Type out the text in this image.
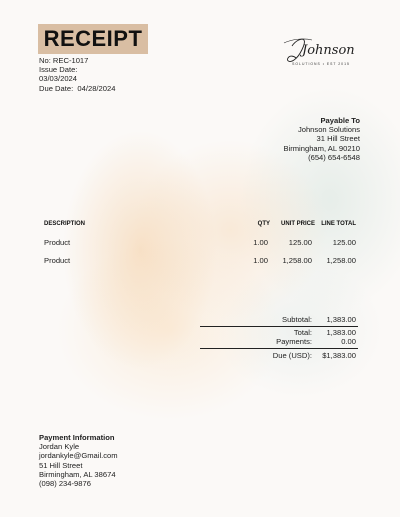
RECEIPT
No: REC-1017
Issue Date:
03/03/2024
Due Date:  04/28/2024
Johnson
SOLUTIONS • EST 2015
Payable To
Johnson Solutions
31 Hill Street
Birmingham, AL 90210
(654) 654-6548
DESCRIPTION	QTY	UNIT PRICE	LINE TOTAL
Product	1.00	125.00	125.00
Product	1.00	1,258.00	1,258.00
Subtotal:	1,383.00
Total:	1,383.00
Payments:	0.00
Due (USD):	$1,383.00
Payment Information
Jordan Kyle
jordankyle@Gmail.com
51 Hill Street
Birmingham, AL 38674
(098) 234-9876
